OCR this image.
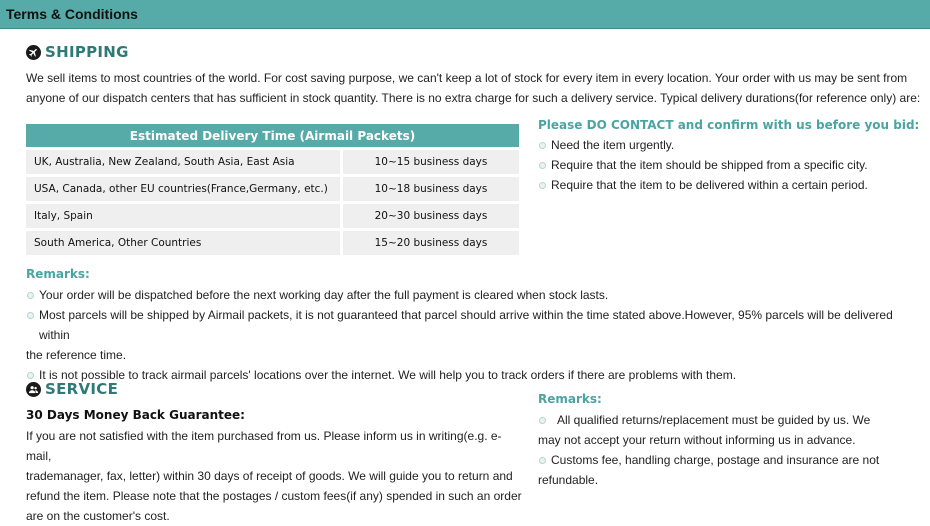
Terms & Conditions
SHIPPING
We sell items to most countries of the world. For cost saving purpose, we can't keep a lot of stock for every item in every location. Your order with us may be sent from
anyone of our dispatch centers that has sufficient in stock quantity. There is no extra charge for such a delivery service. Typical delivery durations(for reference only) are:
Estimated Delivery Time (Airmail Packets)	
UK, Australia, New Zealand, South Asia, East Asia	10~15 business days
USA, Canada, other EU countries(France,Germany, etc.)	10~18 business days
Italy, Spain	20~30 business days
South America, Other Countries	15~20 business days
Please DO CONTACT and confirm with us before you bid:
Need the item urgently.
Require that the item should be shipped from a specific city.
Require that the item to be delivered within a certain period.
Remarks:
Your order will be dispatched before the next working day after the full payment is cleared when stock lasts.
Most parcels will be shipped by Airmail packets, it is not guaranteed that parcel should arrive within the time stated above.However, 95% parcels will be delivered within
the reference time.
It is not possible to track airmail parcels' locations over the internet. We will help you to track orders if there are problems with them.
SERVICE
30 Days Money Back Guarantee:
If you are not satisfied with the item purchased from us. Please inform us in writing(e.g. e-mail,
trademanager, fax, letter) within 30 days of receipt of goods. We will guide you to return and
refund the item. Please note that the postages / custom fees(if any) spended in such an order
are on the customer's cost.
Remarks:
All qualified returns/replacement must be guided by us. We
may not accept your return without informing us in advance.
Customs fee, handling charge, postage and insurance are not
refundable.
